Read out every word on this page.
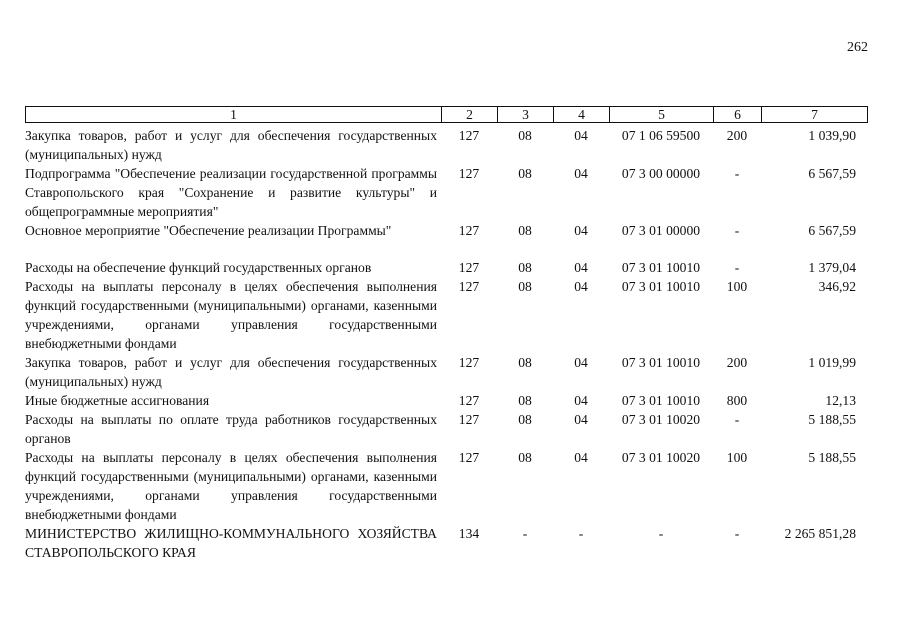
262
1	2	3	4	5	6	7
Закупка товаров, работ и услуг для обеспечения государственных (муниципальных) нужд	127	08	04	07 1 06 59500	200	1 039,90
Подпрограмма "Обеспечение реализации государственной программы Ставропольского края "Сохранение и развитие культуры" и общепрограммные мероприятия"	127	08	04	07 3 00 00000	-	6 567,59
Основное мероприятие "Обеспечение реализации Программы"	127	08	04	07 3 01 00000	-	6 567,59

Расходы на обеспечение функций государственных органов	127	08	04	07 3 01 10010	-	1 379,04
Расходы на выплаты персоналу в целях обеспечения выполнения функций государственными (муниципальными) органами, казенными учреждениями, органами управления государственными внебюджетными фондами	127	08	04	07 3 01 10010	100	346,92
Закупка товаров, работ и услуг для обеспечения государственных (муниципальных) нужд	127	08	04	07 3 01 10010	200	1 019,99
Иные бюджетные ассигнования	127	08	04	07 3 01 10010	800	12,13
Расходы на выплаты по оплате труда работников государственных органов	127	08	04	07 3 01 10020	-	5 188,55
Расходы на выплаты персоналу в целях обеспечения выполнения функций государственными (муниципальными) органами, казенными учреждениями, органами управления государственными внебюджетными фондами	127	08	04	07 3 01 10020	100	5 188,55
МИНИСТЕРСТВО ЖИЛИЩНО-КОММУНАЛЬНОГО ХОЗЯЙСТВА СТАВРОПОЛЬСКОГО КРАЯ	134	-	-	-	-	2 265 851,28
